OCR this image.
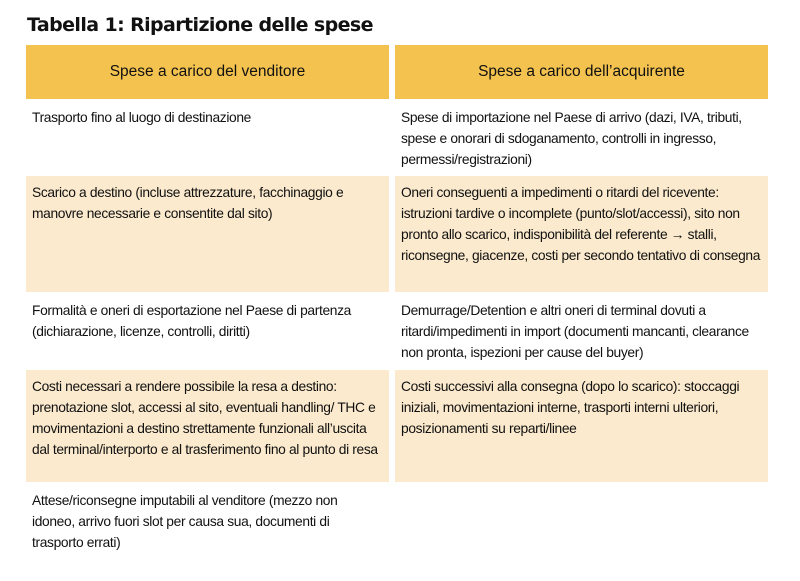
Tabella 1: Ripartizione delle spese
Spese a carico del venditore	Spese a carico dell’acquirente
Trasporto fino al luogo di destinazione	Spese di importazione nel Paese di arrivo (dazi, IVA, tributi, spese e onorari di sdoganamento, controlli in ingresso, permessi/registrazioni)
Scarico a destino (incluse attrezzature, facchinaggio e manovre necessarie e consentite dal sito)
Oneri conseguenti a impedimenti o ritardi del ricevente: istruzioni tardive o incomplete (punto/slot/accessi), sito non pronto allo scarico, indisponibilità del referente → stalli, riconsegne, giacenze, costi per secondo tentativo di consegna
Formalità e oneri di esportazione nel Paese di partenza (dichiarazione, licenze, controlli, diritti)
Demurrage/Detention e altri oneri di terminal dovuti a ritardi/impedimenti in import (documenti mancanti, clearance non pronta, ispezioni per cause del buyer)
Costi necessari a rendere possibile la resa a destino: prenotazione slot, accessi al sito, eventuali handling/ THC e movimentazioni a destino strettamente funzionali all’uscita dal terminal/interporto e al trasferimento fino al punto di resa
Costi successivi alla consegna (dopo lo scarico): stoccaggi iniziali, movimentazioni interne, trasporti interni ulteriori, posizionamenti su reparti/linee
Attese/riconsegne imputabili al venditore (mezzo non idoneo, arrivo fuori slot per causa sua, documenti di trasporto errati)
